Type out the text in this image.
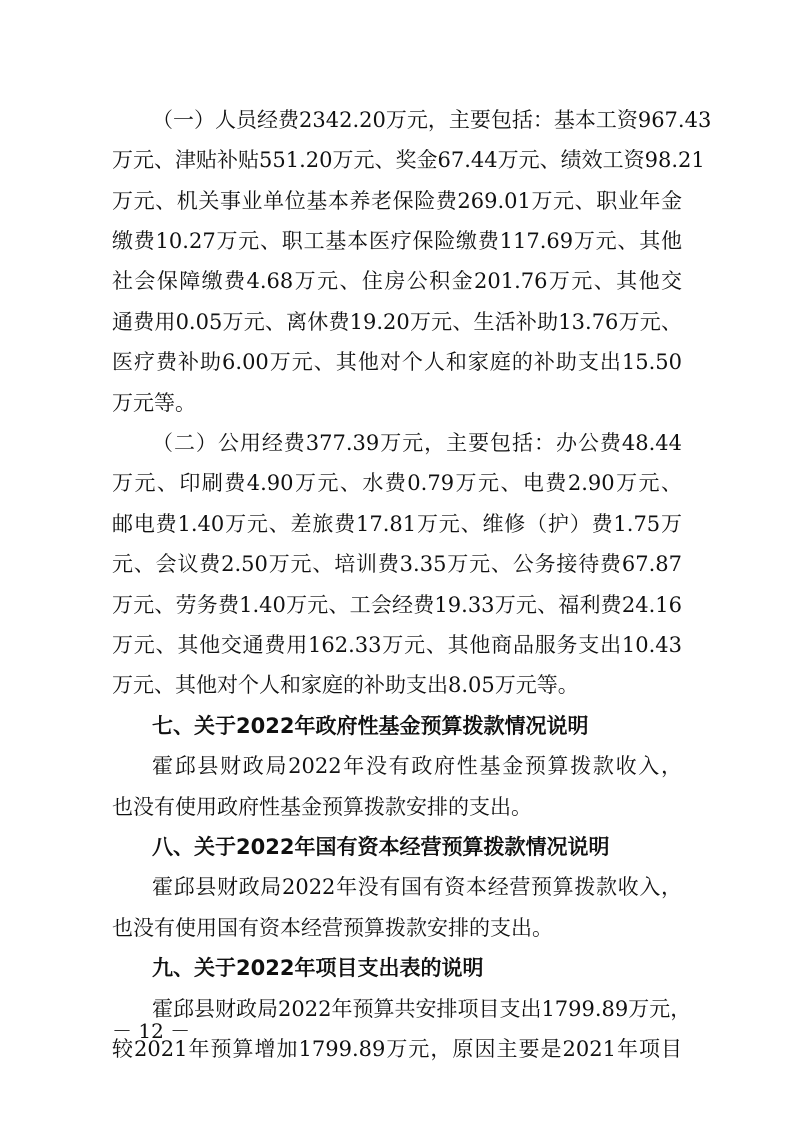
（一）人员经费2342.20万元，主要包括：基本工资967.43
万元、津贴补贴551.20万元、奖金67.44万元、绩效工资98.21
万元、机关事业单位基本养老保险费269.01万元、职业年金
缴费10.27万元、职工基本医疗保险缴费117.69万元、其他
社会保障缴费4.68万元、住房公积金201.76万元、其他交
通费用0.05万元、离休费19.20万元、生活补助13.76万元、
医疗费补助6.00万元、其他对个人和家庭的补助支出15.50
万元等。
（二）公用经费377.39万元，主要包括：办公费48.44
万元、印刷费4.90万元、水费0.79万元、电费2.90万元、
邮电费1.40万元、差旅费17.81万元、维修（护）费1.75万
元、会议费2.50万元、培训费3.35万元、公务接待费67.87
万元、劳务费1.40万元、工会经费19.33万元、福利费24.16
万元、其他交通费用162.33万元、其他商品服务支出10.43
万元、其他对个人和家庭的补助支出8.05万元等。
七、关于2022年政府性基金预算拨款情况说明
霍邱县财政局2022年没有政府性基金预算拨款收入，
也没有使用政府性基金预算拨款安排的支出。
八、关于2022年国有资本经营预算拨款情况说明
霍邱县财政局2022年没有国有资本经营预算拨款收入，
也没有使用国有资本经营预算拨款安排的支出。
九、关于2022年项目支出表的说明
霍邱县财政局2022年预算共安排项目支出1799.89万元，
较2021年预算增加1799.89万元，原因主要是2021年项目
－ 12 －
